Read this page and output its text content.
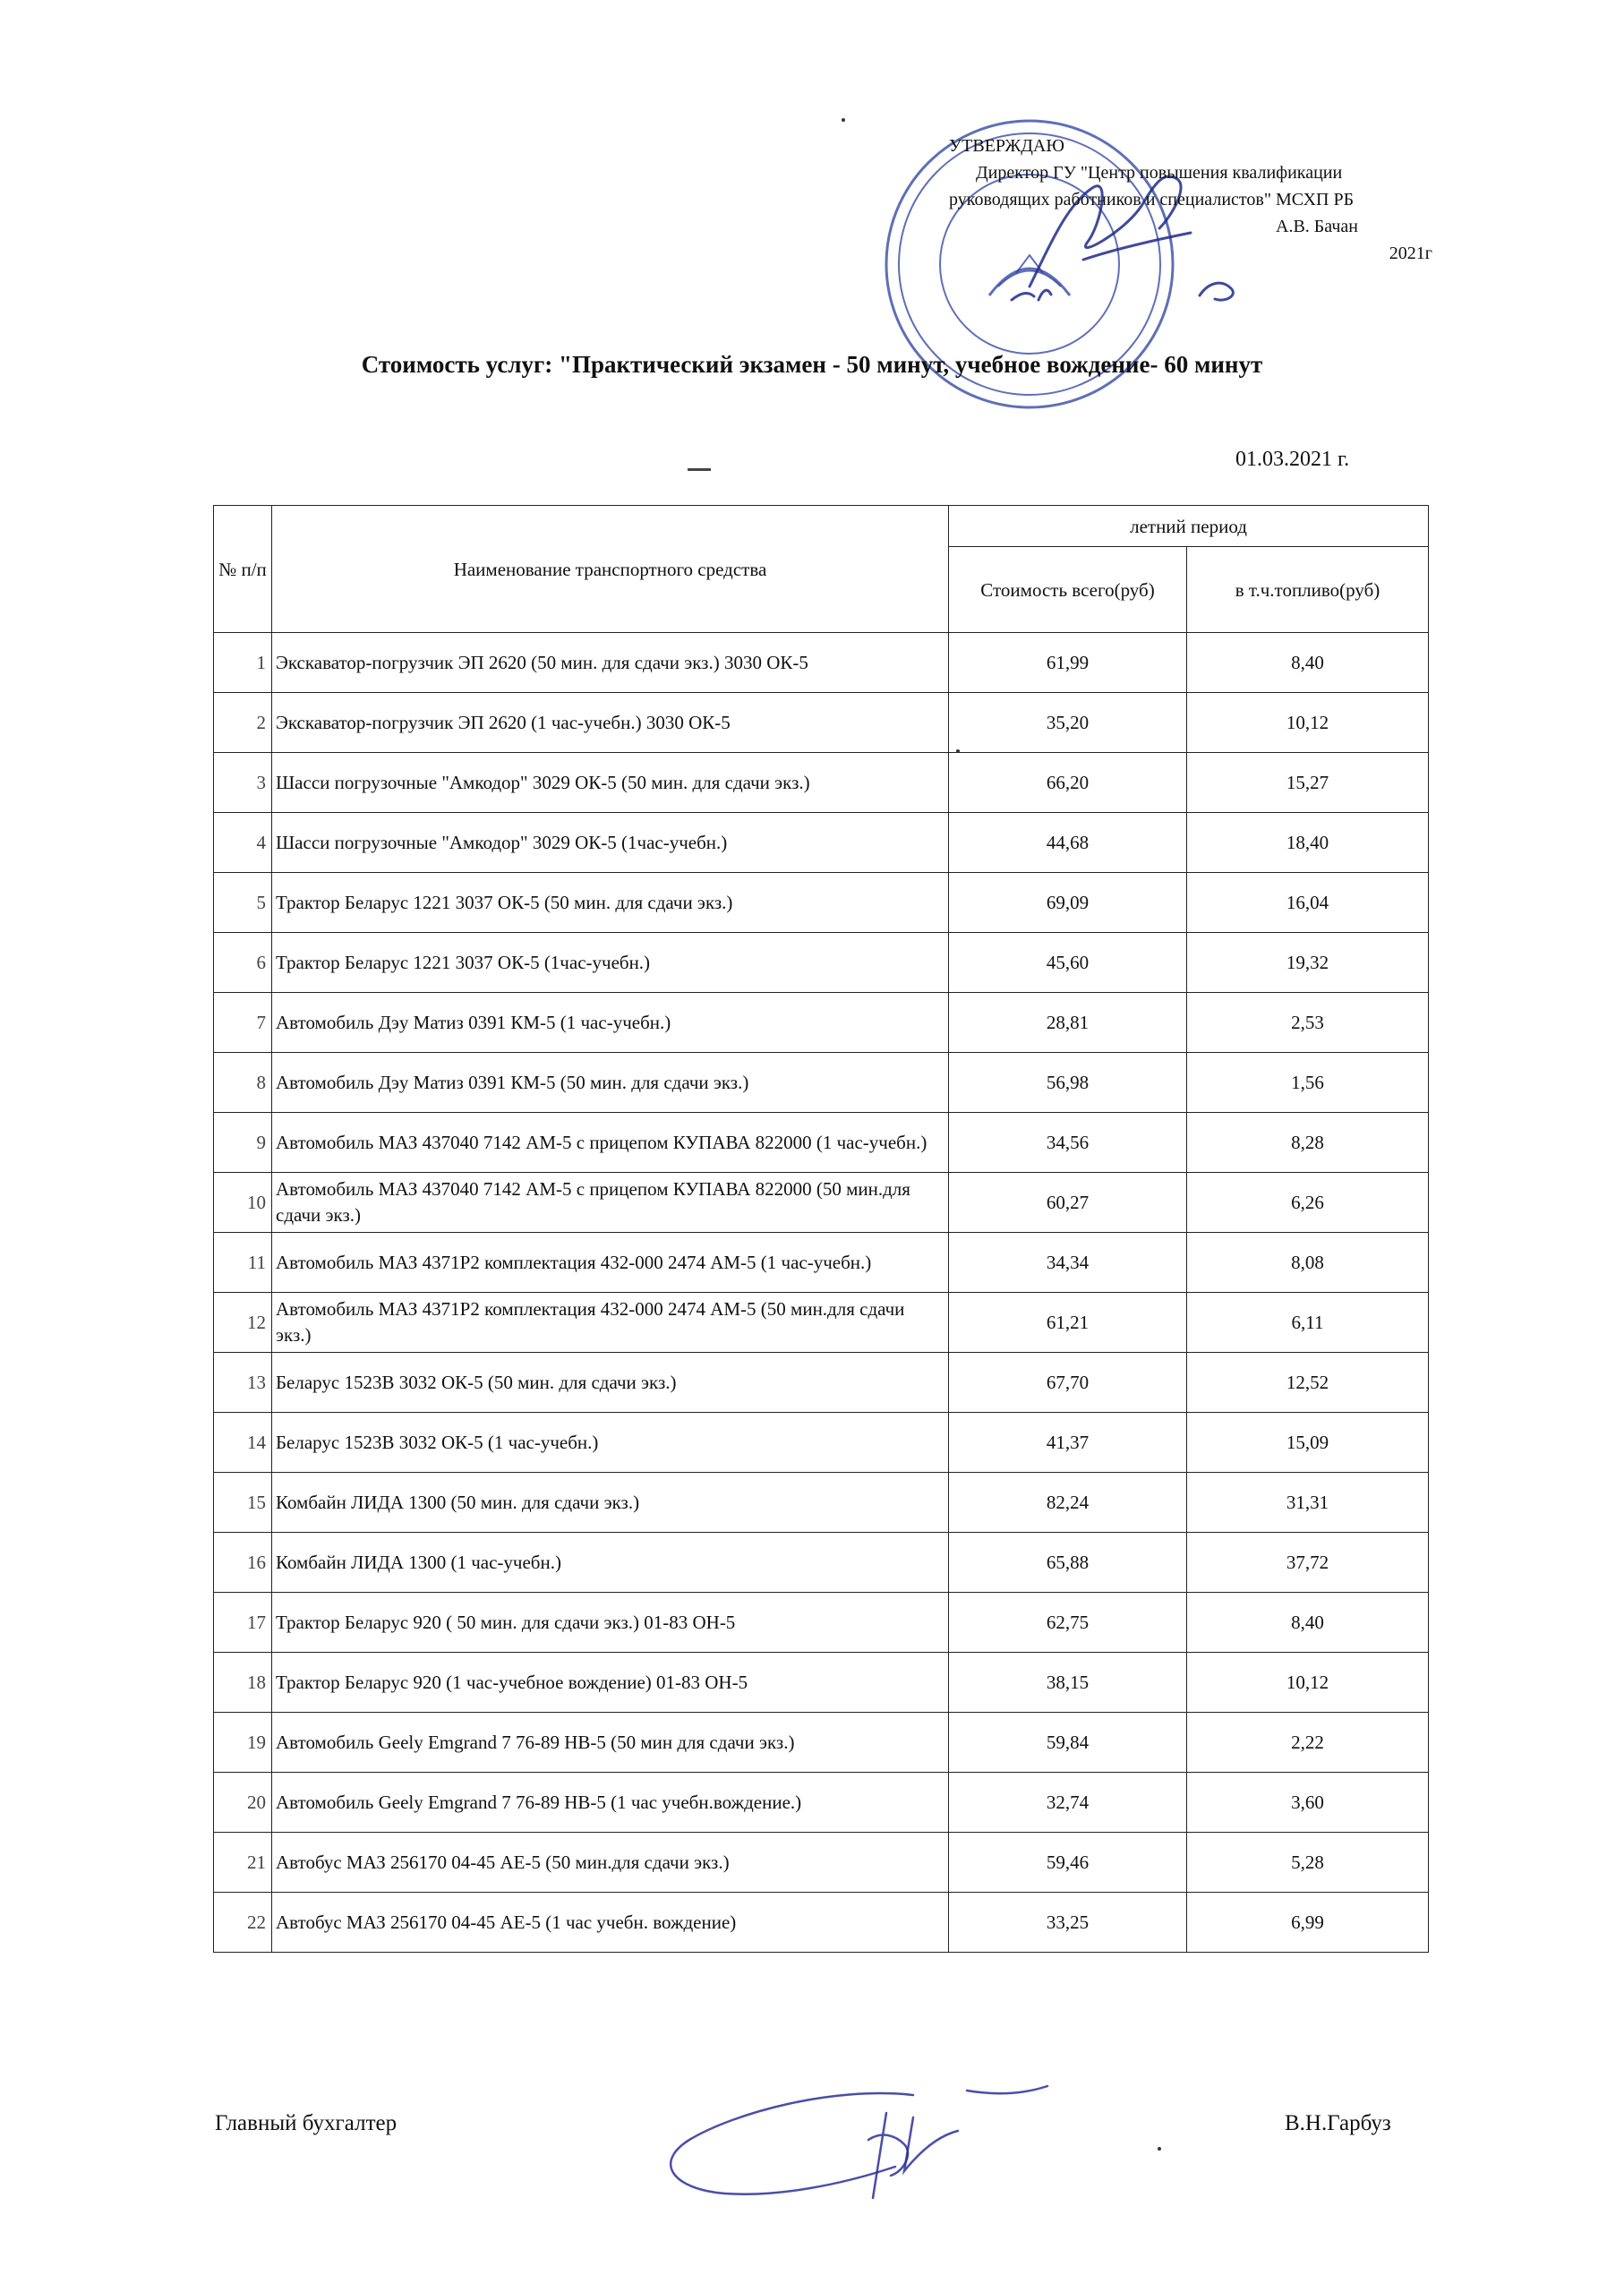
УТВЕРЖДАЮ
Директор ГУ "Центр повышения квалификации
руководящих работников и специалистов" МСХП РБ
А.В. Бачан
2021г
Стоимость услуг: "Практический экзамен - 50 минут, учебное вождение- 60 минут
01.03.2021 г.
№ п/п	Наименование транспортного средства	летний период	
		Стоимость всего(руб)	в т.ч.топливо(руб)
1	Экскаватор-погрузчик ЭП 2620 (50 мин. для сдачи экз.) 3030 ОК-5	61,99	8,40
2	Экскаватор-погрузчик ЭП 2620 (1 час-учебн.) 3030 ОК-5	35,20	10,12
3	Шасси погрузочные "Амкодор" 3029 ОК-5 (50 мин. для сдачи экз.)	66,20	15,27
4	Шасси погрузочные "Амкодор" 3029 ОК-5 (1час-учебн.)	44,68	18,40
5	Трактор Беларус 1221 3037 ОК-5 (50 мин. для сдачи экз.)	69,09	16,04
6	Трактор Беларус 1221 3037 ОК-5 (1час-учебн.)	45,60	19,32
7	Автомобиль Дэу Матиз 0391 КМ-5 (1 час-учебн.)	28,81	2,53
8	Автомобиль Дэу Матиз 0391 КМ-5 (50 мин. для сдачи экз.)	56,98	1,56
9	Автомобиль МАЗ 437040 7142 АМ-5 с прицепом КУПАВА 822000 (1 час-учебн.)	34,56	8,28
10	Автомобиль МАЗ 437040 7142 АМ-5 с прицепом КУПАВА 822000 (50 мин.для сдачи экз.)	60,27	6,26
11	Автомобиль МАЗ 4371Р2 комплектация 432-000 2474 АМ-5 (1 час-учебн.)	34,34	8,08
12	Автомобиль МАЗ 4371Р2 комплектация 432-000 2474 АМ-5 (50 мин.для сдачи экз.)	61,21	6,11
13	Беларус 1523В 3032 ОК-5 (50 мин. для сдачи экз.)	67,70	12,52
14	Беларус 1523В 3032 ОК-5 (1 час-учебн.)	41,37	15,09
15	Комбайн ЛИДА 1300 (50 мин. для сдачи экз.)	82,24	31,31
16	Комбайн ЛИДА 1300 (1 час-учебн.)	65,88	37,72
17	Трактор Беларус 920 ( 50 мин. для сдачи экз.) 01-83 ОН-5	62,75	8,40
18	Трактор Беларус 920 (1 час-учебное вождение) 01-83 ОН-5	38,15	10,12
19	Автомобиль Geely Emgrand 7 76-89 НВ-5 (50 мин для сдачи экз.)	59,84	2,22
20	Автомобиль Geely Emgrand 7 76-89 НВ-5 (1 час учебн.вождение.)	32,74	3,60
21	Автобус МАЗ 256170 04-45 АЕ-5 (50 мин.для сдачи экз.)	59,46	5,28
22	Автобус МАЗ 256170 04-45 АЕ-5 (1 час учебн. вождение)	33,25	6,99
Главный бухгалтер	В.Н.Гарбуз
